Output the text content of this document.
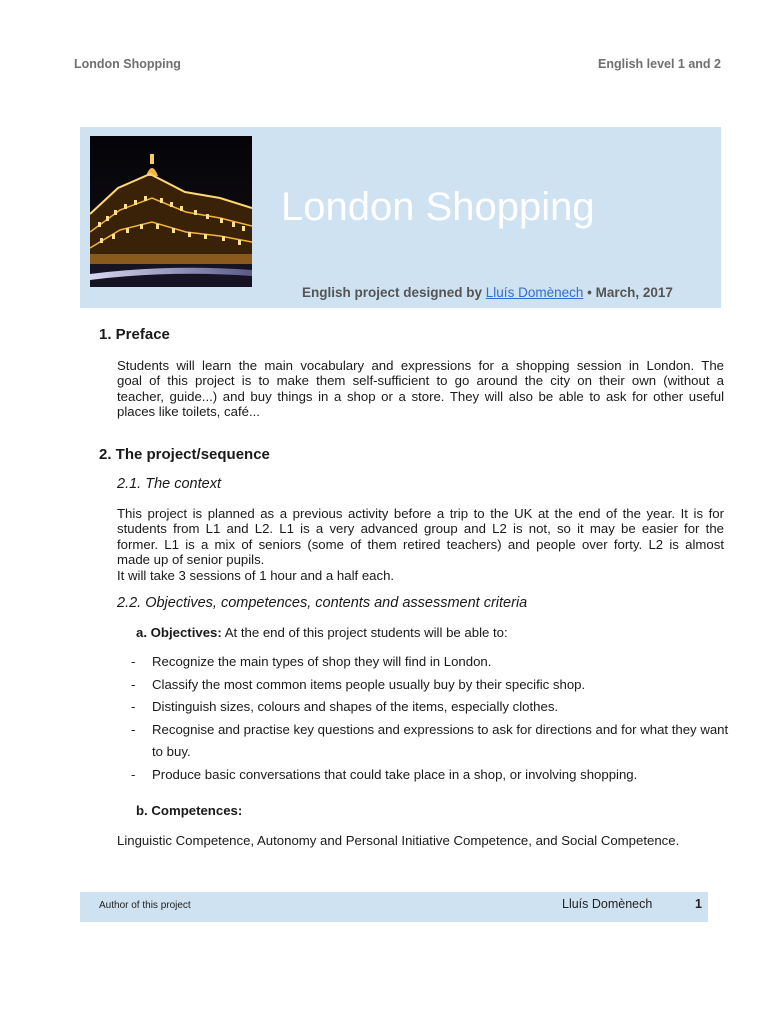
London Shopping	English level 1 and 2
London Shopping
English project designed by Lluís Domènech • March, 2017
1. Preface
Students will learn the main vocabulary and expressions for a shopping session in London. The
goal of this project is to make them self-sufficient to go around the city on their own (without a
teacher, guide...) and buy things in a shop or a store. They will also be able to ask for other useful
places like toilets, café...
2. The project/sequence
2.1. The context
This project is planned as a previous activity before a trip to the UK at the end of the year. It is for
students from L1 and L2. L1 is a very advanced group and L2 is not, so it may be easier for the
former. L1 is a mix of seniors (some of them retired teachers) and people over forty. L2 is almost
made up of senior pupils.
It will take 3 sessions of 1 hour and a half each.
2.2. Objectives, competences, contents and assessment criteria
a. Objectives: At the end of this project students will be able to:
- Recognize the main types of shop they will find in London.
- Classify the most common items people usually buy by their specific shop.
- Distinguish sizes, colours and shapes of the items, especially clothes.
- Recognise and practise key questions and expressions to ask for directions and for what they want to buy.
- Produce basic conversations that could take place in a shop, or involving shopping.
b. Competences:
Linguistic Competence, Autonomy and Personal Initiative Competence, and Social Competence.
Author of this project	Lluís Domènech	1
